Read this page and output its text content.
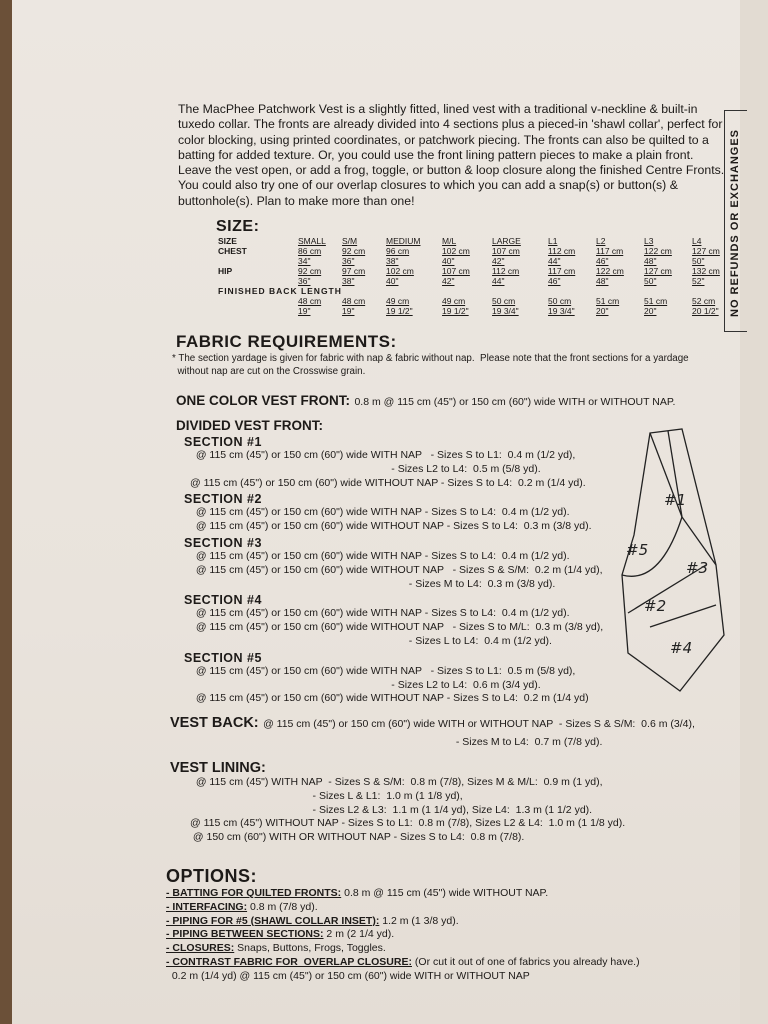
The MacPhee Patchwork Vest is a slightly fitted, lined vest with a traditional v-neckline & built-in tuxedo collar. The fronts are already divided into 4 sections plus a pieced-in 'shawl collar', perfect for color blocking, using printed coordinates, or patchwork piecing. The fronts can also be quilted to a batting for added texture. Or, you could use the front lining pattern pieces to make a plain front. Leave the vest open, or add a frog, toggle, or button & loop closure along the finished Centre Fronts. You could also try one of our overlap closures to which you can add a snap(s) or button(s) & buttonhole(s). Plan to make more than one!	NO REFUNDS OR EXCHANGES
SIZE:
SIZE	SMALL	S/M	MEDIUM	M/L	LARGE	L1	L2	L3	L4
CHEST	86 cm	92 cm	96 cm	102 cm	107 cm	112 cm	117 cm	122 cm	127 cm
	34"	36"	38"	40"	42"	44"	46"	48"	50"
HIP	92 cm	97 cm	102 cm	107 cm	112 cm	117 cm	122 cm	127 cm	132 cm
	36"	38"	40"	42"	44"	46"	48"	50"	52"
FINISHED BACK LENGTH									
	48 cm	48 cm	49 cm	49 cm	50 cm	50 cm	51 cm	51 cm	52 cm
	19"	19"	19 1/2"	19 1/2"	19 3/4"	19 3/4"	20"	20"	20 1/2"
FABRIC REQUIREMENTS:
* The section yardage is given for fabric with nap & fabric without nap.  Please note that the front sections for a yardage
without nap are cut on the Crosswise grain.
ONE COLOR VEST FRONT: 0.8 m @ 115 cm (45") or 150 cm (60") wide WITH or WITHOUT NAP.
DIVIDED VEST FRONT:
SECTION #1
@ 115 cm (45") or 150 cm (60") wide WITH NAP   - Sizes S to L1:  0.4 m (1/2 yd),
- Sizes L2 to L4:  0.5 m (5/8 yd).
@ 115 cm (45") or 150 cm (60") wide WITHOUT NAP - Sizes S to L4:  0.2 m (1/4 yd).
SECTION #2
@ 115 cm (45") or 150 cm (60") wide WITH NAP - Sizes S to L4:  0.4 m (1/2 yd).
@ 115 cm (45") or 150 cm (60") wide WITHOUT NAP - Sizes S to L4:  0.3 m (3/8 yd).
SECTION #3
@ 115 cm (45") or 150 cm (60") wide WITH NAP - Sizes S to L4:  0.4 m (1/2 yd).
@ 115 cm (45") or 150 cm (60") wide WITHOUT NAP   - Sizes S & S/M:  0.2 m (1/4 yd),
- Sizes M to L4:  0.3 m (3/8 yd).
SECTION #4
@ 115 cm (45") or 150 cm (60") wide WITH NAP - Sizes S to L4:  0.4 m (1/2 yd).
@ 115 cm (45") or 150 cm (60") wide WITHOUT NAP   - Sizes S to M/L:  0.3 m (3/8 yd),
- Sizes L to L4:  0.4 m (1/2 yd).
SECTION #5
@ 115 cm (45") or 150 cm (60") wide WITH NAP   - Sizes S to L1:  0.5 m (5/8 yd),
- Sizes L2 to L4:  0.6 m (3/4 yd).
@ 115 cm (45") or 150 cm (60") wide WITHOUT NAP - Sizes S to L4:  0.2 m (1/4 yd)
#1
#5
#3
#2
#4
VEST BACK: @ 115 cm (45") or 150 cm (60") wide WITH or WITHOUT NAP  - Sizes S & S/M:  0.6 m (3/4),
- Sizes M to L4:  0.7 m (7/8 yd).
VEST LINING:
@ 115 cm (45") WITH NAP  - Sizes S & S/M:  0.8 m (7/8), Sizes M & M/L:  0.9 m (1 yd),
- Sizes L & L1:  1.0 m (1 1/8 yd),
- Sizes L2 & L3:  1.1 m (1 1/4 yd), Size L4:  1.3 m (1 1/2 yd).
@ 115 cm (45") WITHOUT NAP - Sizes S to L1:  0.8 m (7/8), Sizes L2 & L4:  1.0 m (1 1/8 yd).
@ 150 cm (60") WITH OR WITHOUT NAP - Sizes S to L4:  0.8 m (7/8).
OPTIONS:
- BATTING FOR QUILTED FRONTS: 0.8 m @ 115 cm (45") wide WITHOUT NAP.
- INTERFACING: 0.8 m (7/8 yd).
- PIPING FOR #5 (SHAWL COLLAR INSET): 1.2 m (1 3/8 yd).
- PIPING BETWEEN SECTIONS: 2 m (2 1/4 yd).
- CLOSURES: Snaps, Buttons, Frogs, Toggles.
- CONTRAST FABRIC FOR  OVERLAP CLOSURE: (Or cut it out of one of fabrics you already have.)
0.2 m (1/4 yd) @ 115 cm (45") or 150 cm (60") wide WITH or WITHOUT NAP
